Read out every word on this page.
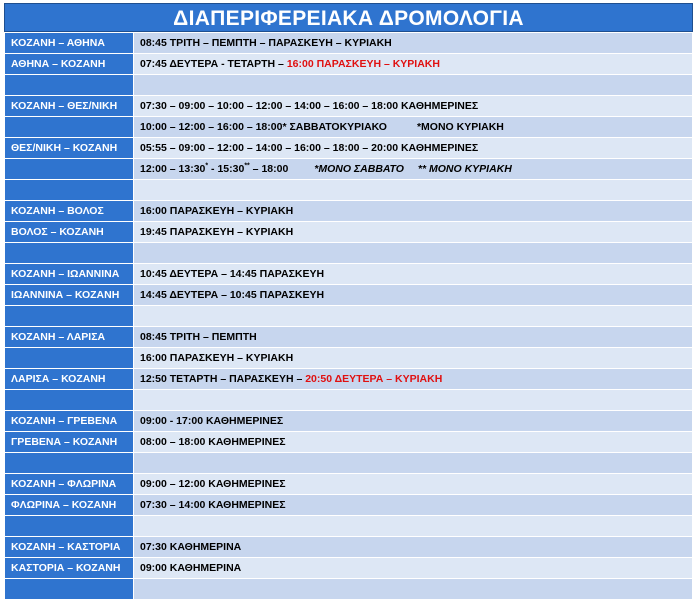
ΔΙΑΠΕΡΙΦΕΡΕΙΑΚΑ ΔΡΟΜΟΛΟΓΙΑ
ΚΟΖΑΝΗ – ΑΘΗΝΑ	08:45 ΤΡΙΤΗ – ΠΕΜΠΤΗ – ΠΑΡΑΣΚΕΥΗ – ΚΥΡΙΑΚΗ
ΑΘΗΝΑ – ΚΟΖΑΝΗ	07:45 ΔΕΥΤΕΡΑ - ΤΕΤΑΡΤΗ – 16:00 ΠΑΡΑΣΚΕΥΗ – ΚΥΡΙΑΚΗ

ΚΟΖΑΝΗ – ΘΕΣ/ΝΙΚΗ	07:30 – 09:00 – 10:00 – 12:00 – 14:00 – 16:00 – 18:00 ΚΑΘΗΜΕΡΙΝΕΣ
	10:00 – 12:00 – 16:00 – 18:00* ΣΑΒΒΑΤΟΚΥΡΙΑΚΟ *ΜΟΝΟ ΚΥΡΙΑΚΗ
ΘΕΣ/ΝΙΚΗ – ΚΟΖΑΝΗ	05:55 – 09:00 – 12:00 – 14:00 – 16:00 – 18:00 – 20:00 ΚΑΘΗΜΕΡΙΝΕΣ
	12:00 – 13:30* - 15:30** – 18:00 *ΜΟΝΟ ΣΑΒΒΑΤΟ ** ΜΟΝΟ ΚΥΡΙΑΚΗ

ΚΟΖΑΝΗ – ΒΟΛΟΣ	16:00 ΠΑΡΑΣΚΕΥΗ – ΚΥΡΙΑΚΗ
ΒΟΛΟΣ – ΚΟΖΑΝΗ	19:45 ΠΑΡΑΣΚΕΥΗ – ΚΥΡΙΑΚΗ

ΚΟΖΑΝΗ – ΙΩΑΝΝΙΝΑ	10:45 ΔΕΥΤΕΡΑ – 14:45 ΠΑΡΑΣΚΕΥΗ
ΙΩΑΝΝΙΝΑ – ΚΟΖΑΝΗ	14:45 ΔΕΥΤΕΡΑ – 10:45 ΠΑΡΑΣΚΕΥΗ

ΚΟΖΑΝΗ – ΛΑΡΙΣΑ	08:45 ΤΡΙΤΗ – ΠΕΜΠΤΗ
	16:00 ΠΑΡΑΣΚΕΥΗ – ΚΥΡΙΑΚΗ
ΛΑΡΙΣΑ – ΚΟΖΑΝΗ	12:50 ΤΕΤΑΡΤΗ – ΠΑΡΑΣΚΕΥΗ – 20:50 ΔΕΥΤΕΡΑ – ΚΥΡΙΑΚΗ

ΚΟΖΑΝΗ – ΓΡΕΒΕΝΑ	09:00 - 17:00 ΚΑΘΗΜΕΡΙΝΕΣ
ΓΡΕΒΕΝΑ – ΚΟΖΑΝΗ	08:00 – 18:00 ΚΑΘΗΜΕΡΙΝΕΣ

ΚΟΖΑΝΗ – ΦΛΩΡΙΝΑ	09:00 – 12:00 ΚΑΘΗΜΕΡΙΝΕΣ
ΦΛΩΡΙΝΑ – ΚΟΖΑΝΗ	07:30 – 14:00 ΚΑΘΗΜΕΡΙΝΕΣ

ΚΟΖΑΝΗ – ΚΑΣΤΟΡΙΑ	07:30 ΚΑΘΗΜΕΡΙΝΑ
ΚΑΣΤΟΡΙΑ – ΚΟΖΑΝΗ	09:00 ΚΑΘΗΜΕΡΙΝΑ
